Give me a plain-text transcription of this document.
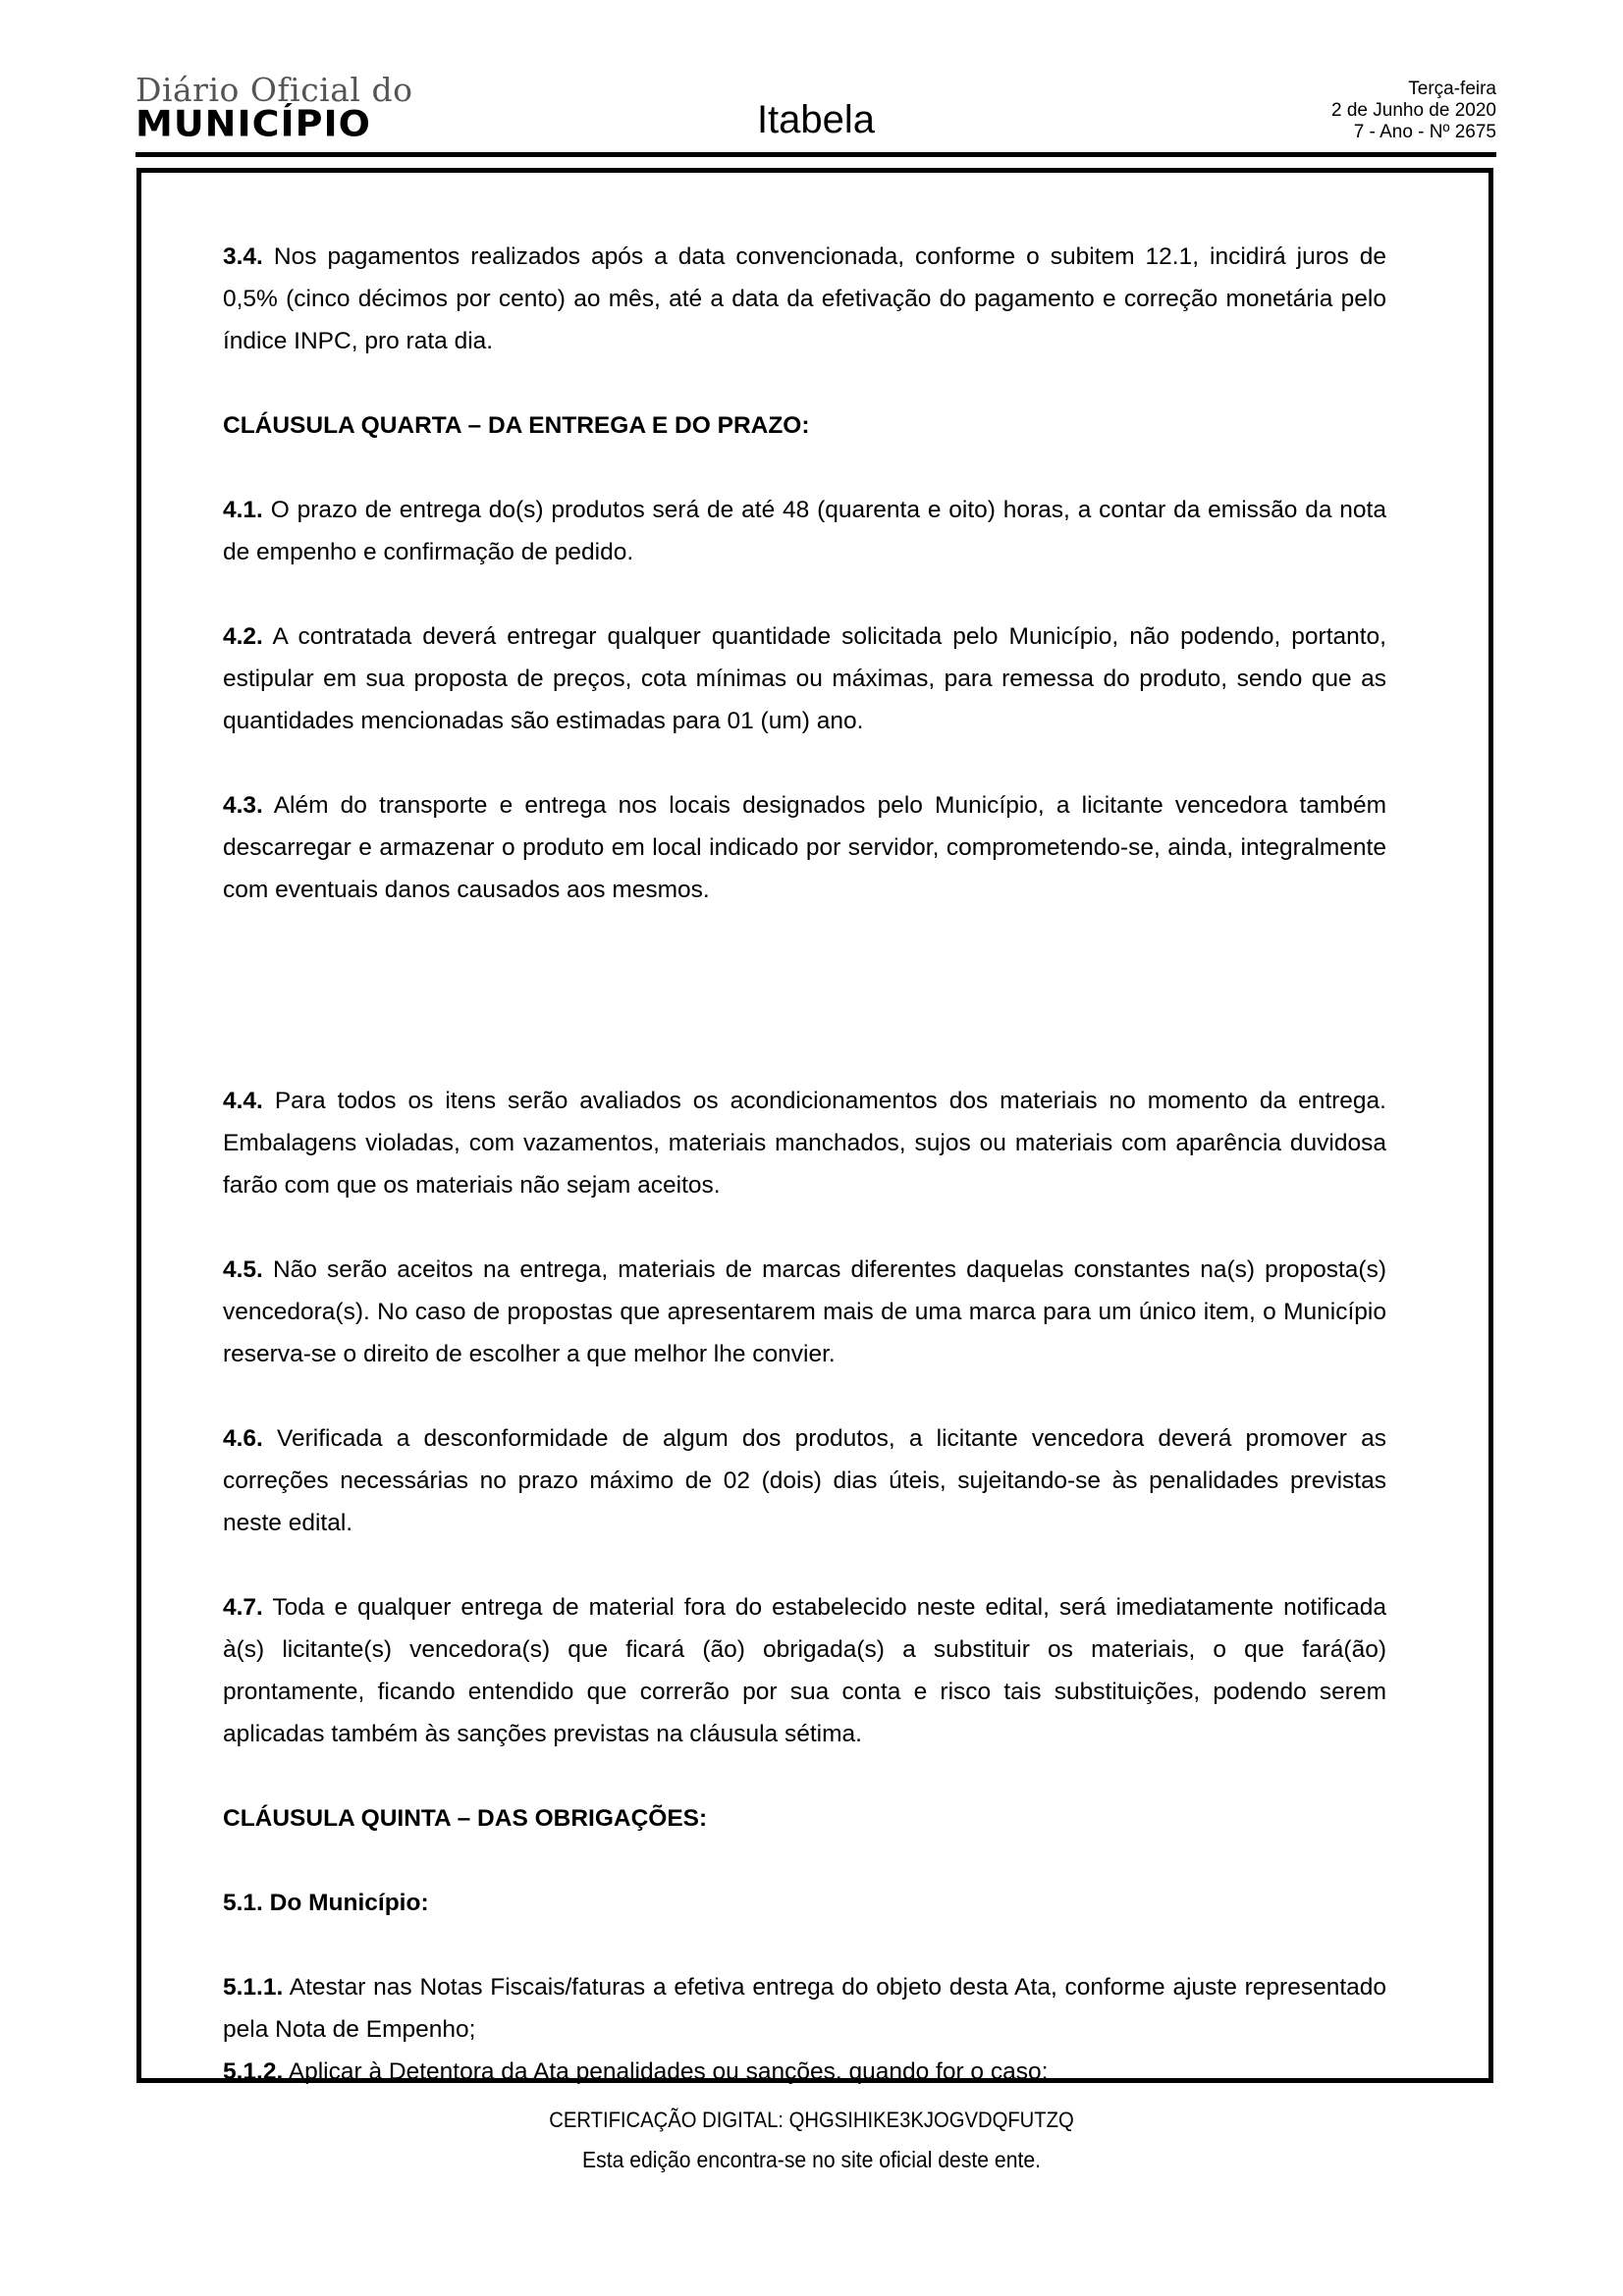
Diário Oficial do
MUNICÍPIO	Itabela
Terça-feira
2 de Junho de 2020
7 - Ano - Nº 2675

3.4. Nos pagamentos realizados após a data convencionada, conforme o subitem 12.1, incidirá juros de 0,5% (cinco décimos por cento) ao mês, até a data da efetivação do pagamento e correção monetária pelo índice INPC, pro rata dia.

CLÁUSULA QUARTA – DA ENTREGA E DO PRAZO:

4.1. O prazo de entrega do(s) produtos será de até 48 (quarenta e oito) horas, a contar da emissão da nota de empenho e confirmação de pedido.

4.2. A contratada deverá entregar qualquer quantidade solicitada pelo Município, não podendo, portanto, estipular em sua proposta de preços, cota mínimas ou máximas, para remessa do produto, sendo que as quantidades mencionadas são estimadas para 01 (um) ano.

4.3. Além do transporte e entrega nos locais designados pelo Município, a licitante vencedora também descarregar e armazenar o produto em local indicado por servidor, comprometendo-se, ainda, integralmente com eventuais danos causados aos mesmos.

4.4. Para todos os itens serão avaliados os acondicionamentos dos materiais no momento da entrega. Embalagens violadas, com vazamentos, materiais manchados, sujos ou materiais com aparência duvidosa farão com que os materiais não sejam aceitos.

4.5. Não serão aceitos na entrega, materiais de marcas diferentes daquelas constantes na(s) proposta(s) vencedora(s). No caso de propostas que apresentarem mais de uma marca para um único item, o Município reserva-se o direito de escolher a que melhor lhe convier.

4.6. Verificada a desconformidade de algum dos produtos, a licitante vencedora deverá promover as correções necessárias no prazo máximo de 02 (dois) dias úteis, sujeitando-se às penalidades previstas neste edital.

4.7. Toda e qualquer entrega de material fora do estabelecido neste edital, será imediatamente notificada à(s) licitante(s) vencedora(s) que ficará (ão) obrigada(s) a substituir os materiais, o que fará(ão) prontamente, ficando entendido que correrão por sua conta e risco tais substituições, podendo serem aplicadas também às sanções previstas na cláusula sétima.

CLÁUSULA QUINTA – DAS OBRIGAÇÕES:

5.1. Do Município:

5.1.1. Atestar nas Notas Fiscais/faturas a efetiva entrega do objeto desta Ata, conforme ajuste representado pela Nota de Empenho;

5.1.2. Aplicar à Detentora da Ata penalidades ou sanções, quando for o caso;

CERTIFICAÇÃO DIGITAL: QHGSIHIKE3KJOGVDQFUTZQ
Esta edição encontra-se no site oficial deste ente.
